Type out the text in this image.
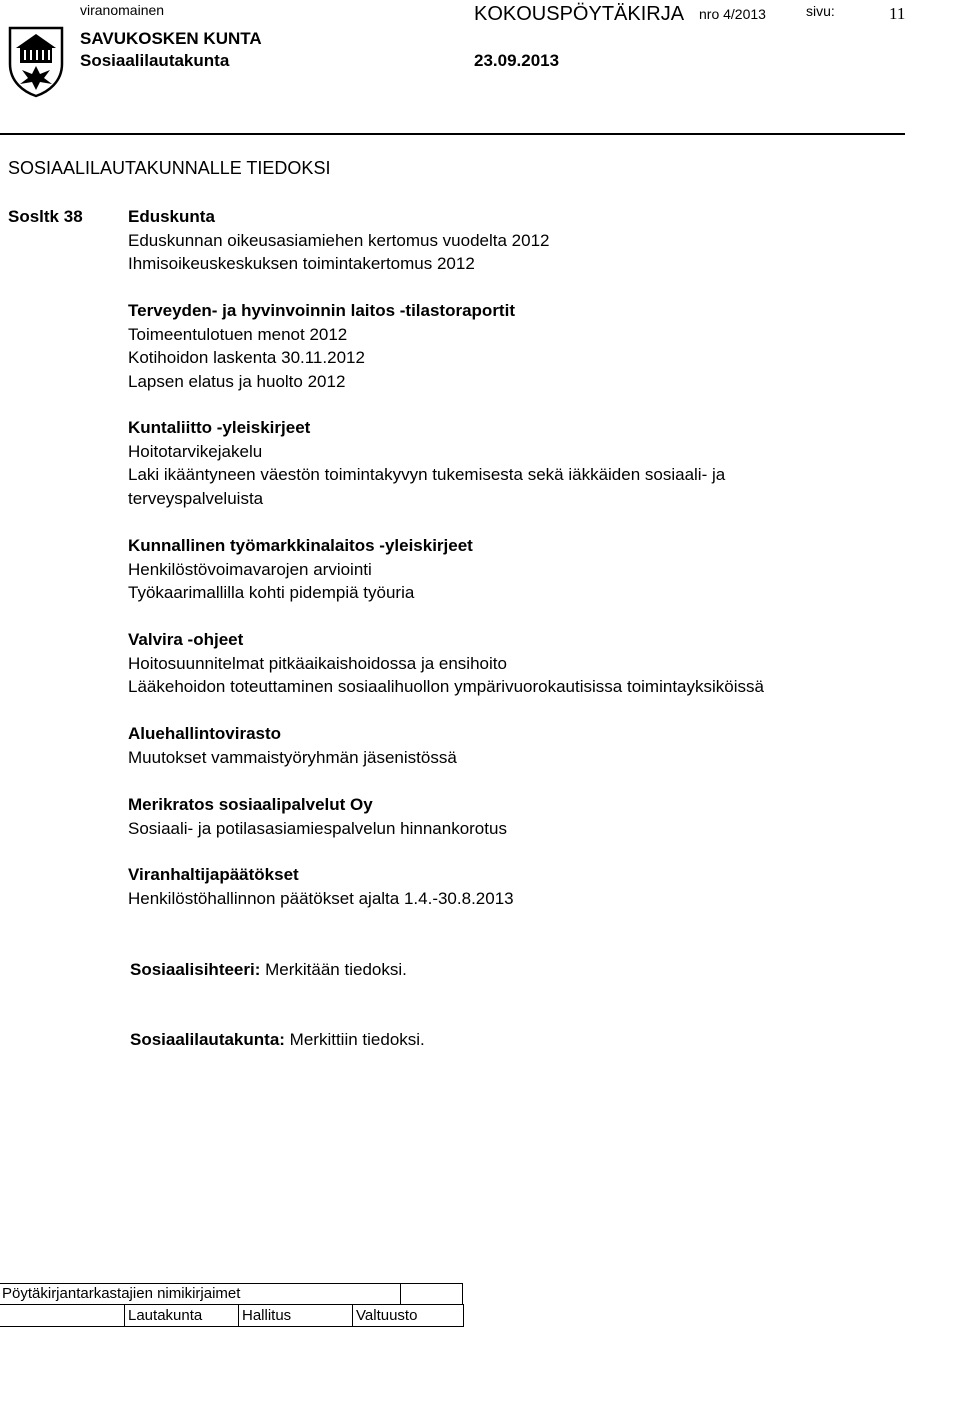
viranomainen	KOKOUSPÖYTÄKIRJA nro 4/2013	sivu:	11
SAVUKOSKEN KUNTA
Sosiaalilautakunta	23.09.2013
SOSIAALILAUTAKUNNALLE TIEDOKSI
Sosltk 38	Eduskunta
Eduskunnan oikeusasiamiehen kertomus vuodelta 2012
Ihmisoikeuskeskuksen toimintakertomus 2012
Terveyden- ja hyvinvoinnin laitos -tilastoraportit
Toimeentulotuen menot 2012
Kotihoidon laskenta 30.11.2012
Lapsen elatus ja huolto 2012
Kuntaliitto -yleiskirjeet
Hoitotarvikejakelu
Laki ikääntyneen väestön toimintakyvyn tukemisesta sekä iäkkäiden sosiaali- ja
terveyspalveluista
Kunnallinen työmarkkinalaitos -yleiskirjeet
Henkilöstövoimavarojen arviointi
Työkaarimallilla kohti pidempiä työuria
Valvira -ohjeet
Hoitosuunnitelmat pitkäaikaishoidossa ja ensihoito
Lääkehoidon toteuttaminen sosiaalihuollon ympärivuorokautisissa toimintayksiköissä
Aluehallintovirasto
Muutokset vammaistyöryhmän jäsenistössä
Merikratos sosiaalipalvelut Oy
Sosiaali- ja potilasasiamiespalvelun hinnankorotus
Viranhaltijapäätökset
Henkilöstöhallinnon päätökset ajalta 1.4.-30.8.2013
Sosiaalisihteeri: Merkitään tiedoksi.
Sosiaalilautakunta: Merkittiin tiedoksi.
Pöytäkirjantarkastajien nimikirjaimet
Lautakunta	Hallitus	Valtuusto
